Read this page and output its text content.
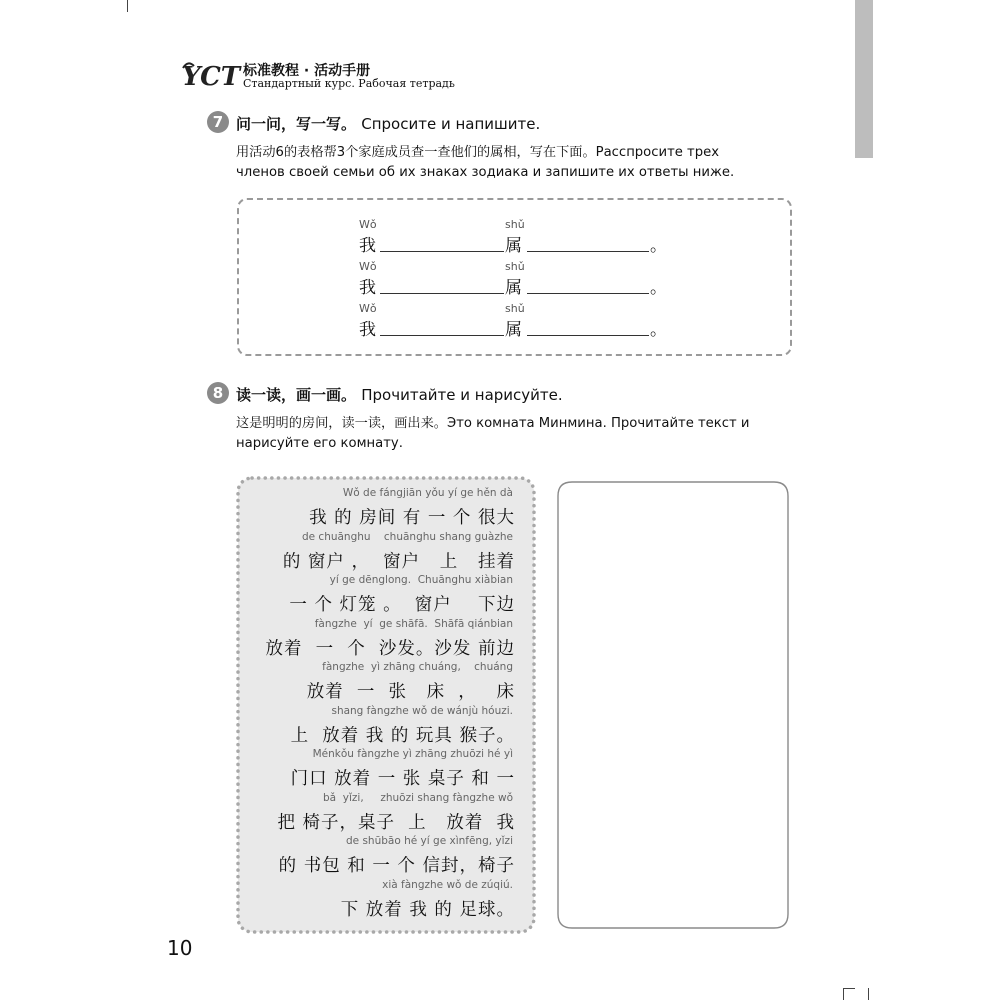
YCT 标准教程 · 活动手册
Стандартный курс. Рабочая тетрадь
7 问一问，写一写。 Спросите и напишите.
用活动6的表格帮3个家庭成员查一查他们的属相，写在下面。Расспросите трех
членов своей семьи об их знаках зодиака и запишите их ответы ниже.
Wǒ
我
shǔ
属	。
Wǒ
我
shǔ
属	。
Wǒ
我
shǔ
属	。
8 读一读，画一画。 Прочитайте и нарисуйте.
这是明明的房间，读一读，画出来。Это комната Минмина. Прочитайте текст и
нарисуйте его комнату.
Wǒ de fángjiān yǒu yí ge hěn dà
我 的 房间 有 一 个 很大
de chuānghu    chuānghu shang guàzhe
的 窗户 ，  窗户   上   挂着
yí ge dēnglong.  Chuānghu xiàbian
一 个 灯笼 。  窗户    下边
fàngzhe  yí  ge shāfā.  Shāfā qiánbian
放着  一  个  沙发。沙发 前边
fàngzhe  yì zhāng chuáng,    chuáng
放着  一  张   床  ，   床
shang fàngzhe wǒ de wánjù hóuzi.
上  放着 我 的 玩具 猴子。
Ménkǒu fàngzhe yì zhāng zhuōzi hé yì
门口 放着 一 张 桌子 和 一
bǎ  yǐzi,     zhuōzi shang fàngzhe wǒ
把 椅子，桌子  上   放着  我
de shūbāo hé yí ge xìnfēng, yǐzi
的 书包 和 一 个 信封，椅子
xià fàngzhe wǒ de zúqiú.
下 放着 我 的 足球。
10
